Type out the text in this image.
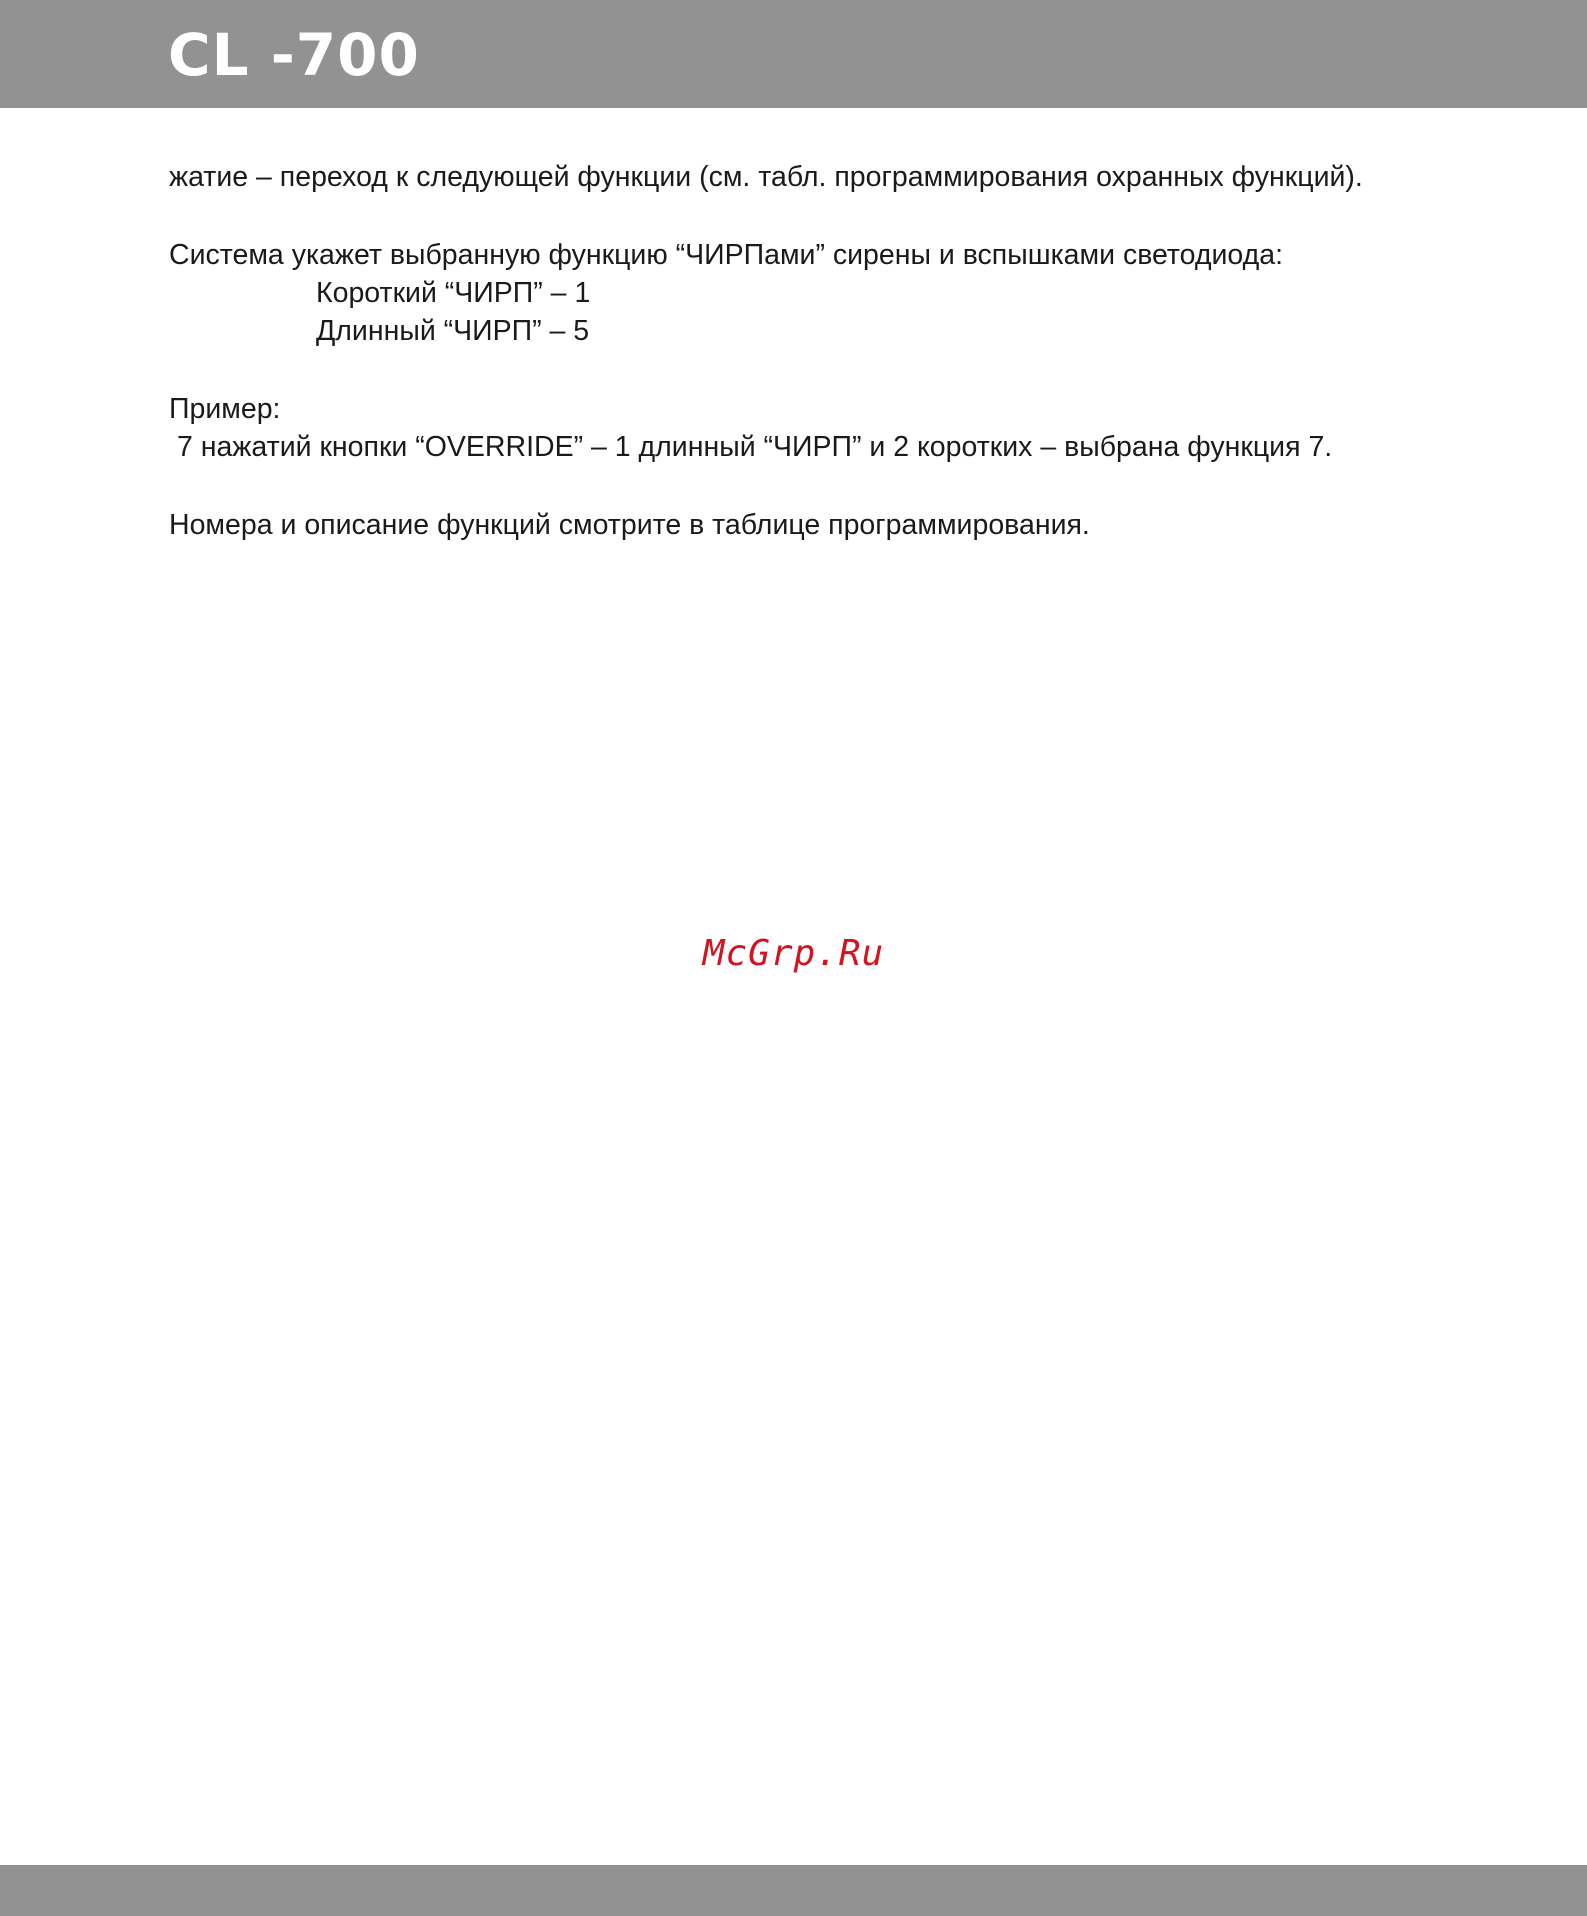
CL -700

жатие – переход к следующей функции (см. табл. программирования охранных функций).

Система укажет выбранную функцию “ЧИРПами” сирены и вспышками светодиода:

Короткий “ЧИРП” – 1

Длинный “ЧИРП” – 5

Пример:

7 нажатий кнопки “OVERRIDE” – 1 длинный “ЧИРП” и 2 коротких – выбрана функция 7.

Номера и описание функций смотрите в таблице программирования.

McGrp.Ru
